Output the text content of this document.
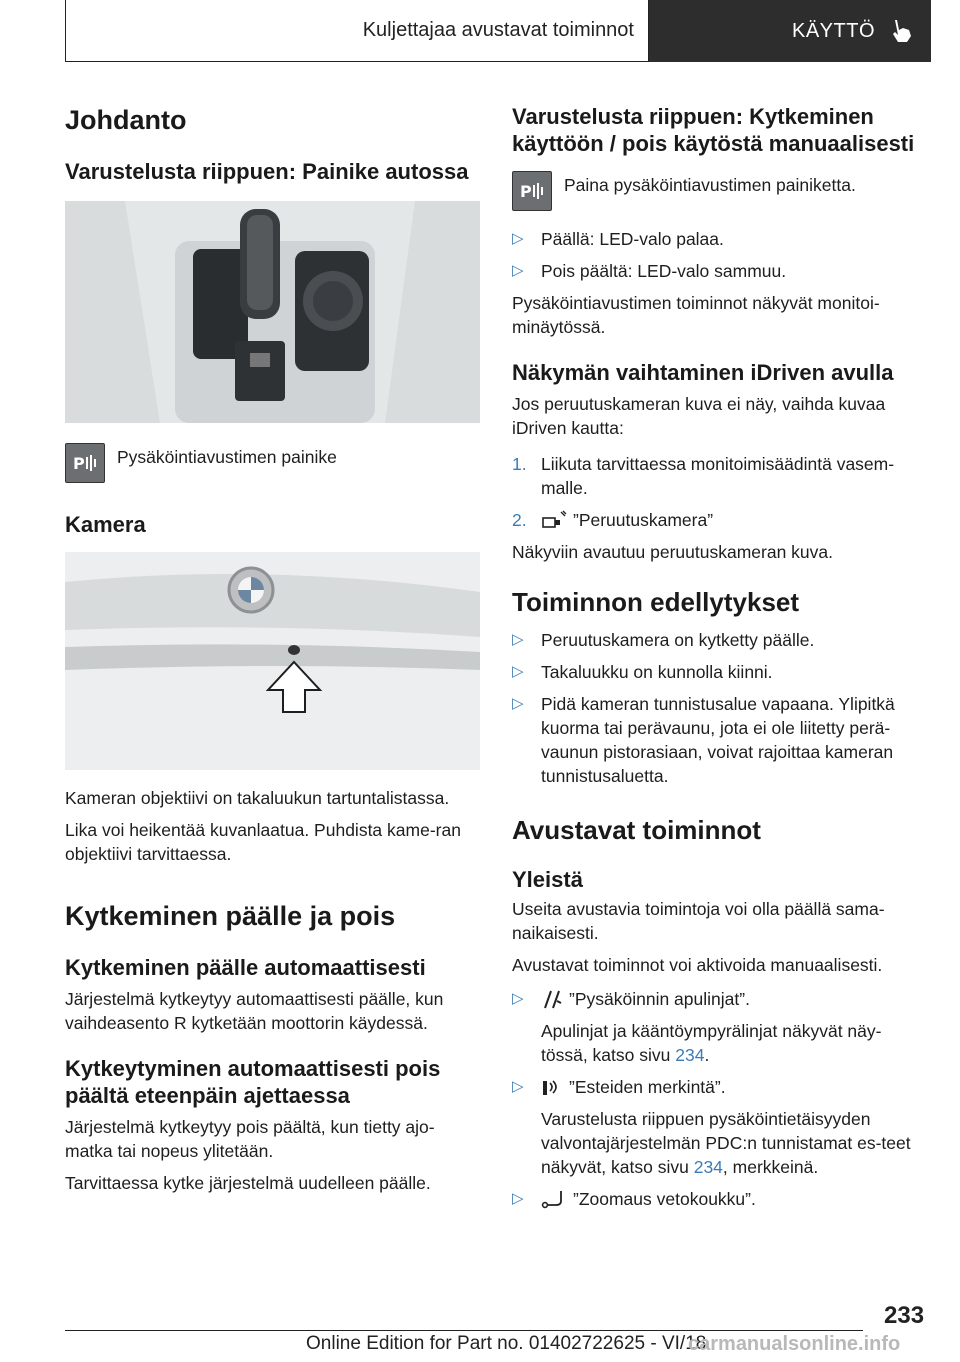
Kuljettajaa avustavat toiminnot	KÄYTTÖ
Johdanto
Varustelusta riippuen: Painike autossa
P Pysäköintiavustimen painike

Kamera

Kameran objektiivi on takaluukun tartuntalistassa.

Lika voi heikentää kuvanlaatua. Puhdista kame-ran objektiivi tarvittaessa.

Kytkeminen päälle ja pois
Kytkeminen päälle automaattisesti

Järjestelmä kytkeytyy automaattisesti päälle, kun vaihdeasento R kytketään moottorin käydessä.

Kytkeytyminen automaattisesti pois päältä eteenpäin ajettaessa

Järjestelmä kytkeytyy pois päältä, kun tietty ajo-matka tai nopeus ylitetään.

Tarvittaessa kytke järjestelmä uudelleen päälle.

Varustelusta riippuen: Kytkeminen käyttöön / pois käytöstä manuaalisesti
P Paina pysäköintiavustimen painiketta.

▷ Päällä: LED-valo palaa.
▷ Pois päältä: LED-valo sammuu.

Pysäköintiavustimen toiminnot näkyvät monitoi-minäytössä.

Näkymän vaihtaminen iDriven avulla

Jos peruutuskameran kuva ei näy, vaihda kuvaa iDriven kautta:

1. Liikuta tarvittaessa monitoimisäädintä vasem-malle.
2.	”Peruutuskamera”

Näkyviin avautuu peruutuskameran kuva.

Toiminnon edellytykset
▷ Peruutuskamera on kytketty päälle.
▷ Takaluukku on kunnolla kiinni.
▷ Pidä kameran tunnistusalue vapaana. Ylipitkä kuorma tai perävaunu, jota ei ole liitetty perä-vaunun pistorasiaan, voivat rajoittaa kameran tunnistusaluetta.
Avustavat toiminnot
Yleistä

Useita avustavia toimintoja voi olla päällä sama-naikaisesti.

Avustavat toiminnot voi aktivoida manuaalisesti.

▷	”Pysäköinnin apulinjat”.
Apulinjat ja kääntöympyrälinjat näkyvät näy-tössä, katso sivu 234.
▷	”Esteiden merkintä”.
Varustelusta riippuen pysäköintietäisyyden valvontajärjestelmän PDC:n tunnistamat es-teet näkyvät, katso sivu 234, merkkeinä.
▷	”Zoomaus vetokoukku”.
233
Online Edition for Part no. 01402722625 - VI/18
carmanualsonline.info
